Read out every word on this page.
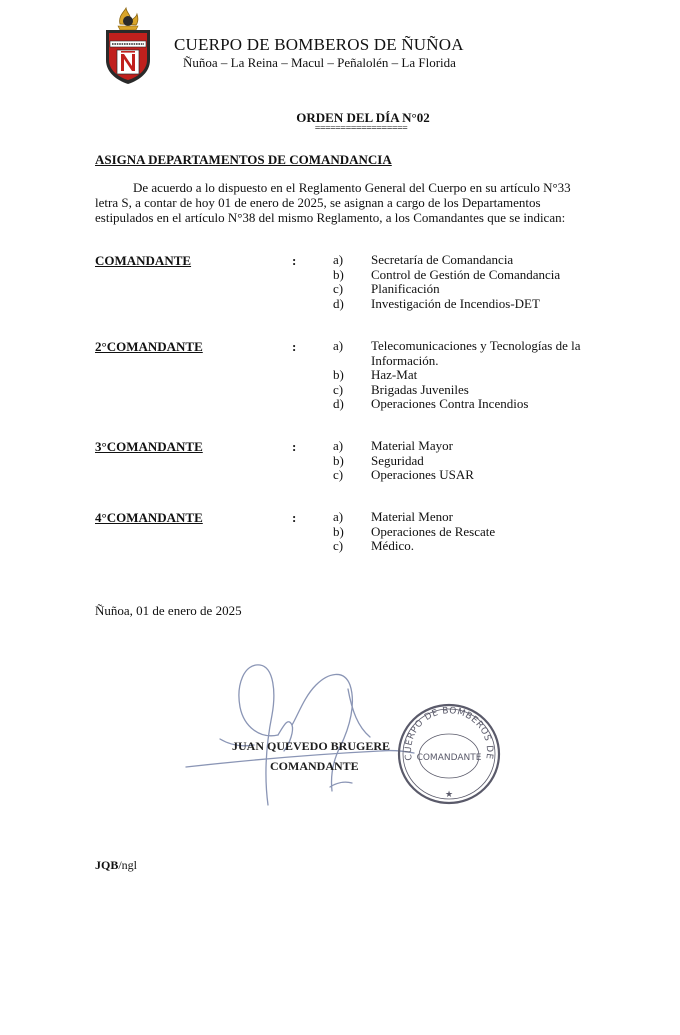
CUERPO DE BOMBEROS DE ÑUÑOA
Ñuñoa – La Reina – Macul – Peñalolén – La Florida
ORDEN DEL DÍA N°02
==================
ASIGNA DEPARTAMENTOS DE COMANDANCIA
De acuerdo a lo dispuesto en el Reglamento General del Cuerpo en su artículo N°33
letra S, a contar de hoy 01 de enero de 2025, se asignan a cargo de los Departamentos
estipulados en el artículo N°38 del mismo Reglamento, a los Comandantes que se indican:
COMANDANTE	:	a) Secretaría de Comandancia
b) Control de Gestión de Comandancia
c) Planificación
d) Investigación de Incendios-DET
2°COMANDANTE	:	a) Telecomunicaciones y Tecnologías de la Información.
b) Haz-Mat
c) Brigadas Juveniles
d) Operaciones Contra Incendios
3°COMANDANTE	:	a) Material Mayor
b) Seguridad
c) Operaciones USAR
4°COMANDANTE	:	a) Material Menor
b) Operaciones de Rescate
c) Médico.
Ñuñoa, 01 de enero de 2025
JUAN QUEVEDO BRUGERE
COMANDANTE
CUERPO DE BOMBEROS DE
COMANDANTE
★
JQB/ngl
